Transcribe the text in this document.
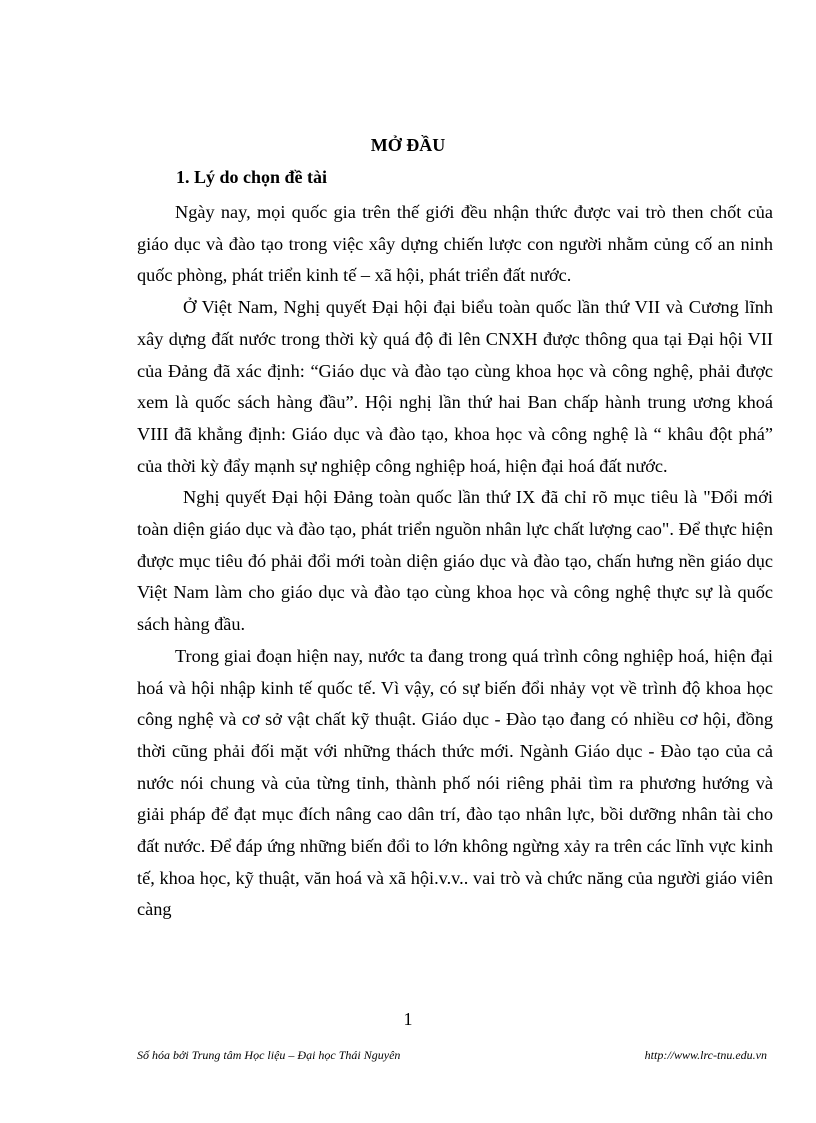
MỞ ĐẦU
1. Lý do chọn đề tài

Ngày nay, mọi quốc gia trên thế giới đều nhận thức được vai trò then chốt của giáo dục và đào tạo trong việc xây dựng chiến lược con người nhằm củng cố an ninh quốc phòng, phát triển kinh tế – xã hội, phát triển đất nước.

Ở Việt Nam, Nghị quyết Đại hội đại biểu toàn quốc lần thứ VII và Cương lĩnh xây dựng đất nước trong thời kỳ quá độ đi lên CNXH được thông qua tại Đại hội VII của Đảng đã xác định: “Giáo dục và đào tạo cùng khoa học và công nghệ, phải được xem là quốc sách hàng đầu”. Hội nghị lần thứ hai Ban chấp hành trung ương khoá VIII đã khẳng định: Giáo dục và đào tạo, khoa học và công nghệ là “ khâu đột phá” của thời kỳ đẩy mạnh sự nghiệp công nghiệp hoá, hiện đại hoá đất nước.

Nghị quyết Đại hội Đảng toàn quốc lần thứ IX đã chỉ rõ mục tiêu là "Đổi mới toàn diện giáo dục và đào tạo, phát triển nguồn nhân lực chất lượng cao". Để thực hiện được mục tiêu đó phải đổi mới toàn diện giáo dục và đào tạo, chấn hưng nền giáo dục Việt Nam làm cho giáo dục và đào tạo cùng khoa học và công nghệ thực sự là quốc sách hàng đầu.

Trong giai đoạn hiện nay, nước ta đang trong quá trình công nghiệp hoá, hiện đại hoá và hội nhập kinh tế quốc tế. Vì vậy, có sự biến đổi nhảy vọt về trình độ khoa học công nghệ và cơ sở vật chất kỹ thuật. Giáo dục - Đào tạo đang có nhiều cơ hội, đồng thời cũng phải đối mặt với những thách thức mới. Ngành Giáo dục - Đào tạo của cả nước nói chung và của từng tỉnh, thành phố nói riêng phải tìm ra phương hướng và giải pháp để đạt mục đích nâng cao dân trí, đào tạo nhân lực, bồi dưỡng nhân tài cho đất nước. Để đáp ứng những biến đổi to lớn không ngừng xảy ra trên các lĩnh vực kinh tế, khoa học, kỹ thuật, văn hoá và xã hội.v.v.. vai trò và chức năng của người giáo viên càng

1
Số hóa bởi Trung tâm Học liệu – Đại học Thái Nguyên	http://www.lrc-tnu.edu.vn
